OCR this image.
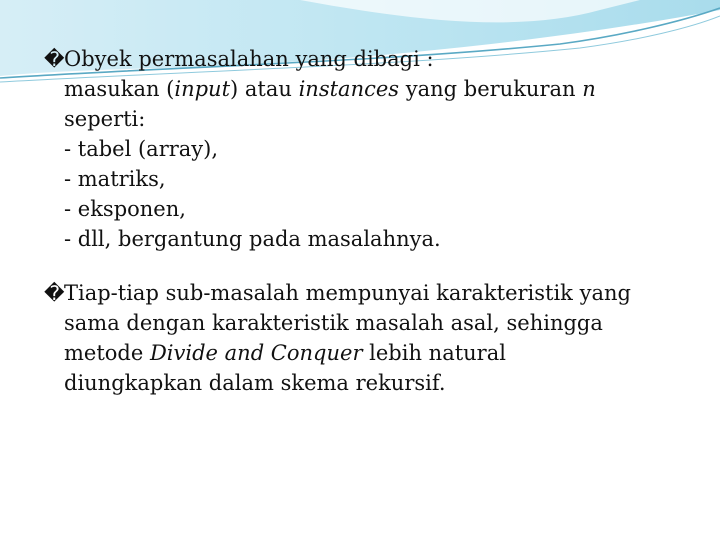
� Obyek permasalahan yang dibagi :
masukan (input) atau instances yang berukuran n
seperti:
- tabel (array),
- matriks,
- eksponen,
- dll, bergantung pada masalahnya.
� Tiap-tiap sub-masalah mempunyai karakteristik yang
sama dengan karakteristik masalah asal, sehingga
metode Divide and Conquer lebih natural
diungkapkan dalam skema rekursif.
